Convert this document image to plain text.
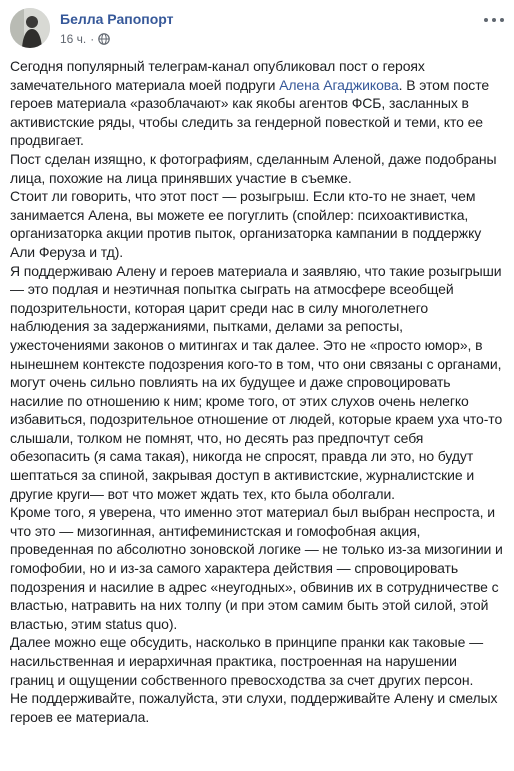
Белла Рапопорт
16 ч. ·

Сегодня популярный телеграм-канал опубликовал пост о героях замечательного материала моей подруги Алена Агаджикова. В этом посте героев материала «разоблачают» как якобы агентов ФСБ, засланных в активистские ряды, чтобы следить за гендерной повесткой и теми, кто ее продвигает.

Пост сделан изящно, к фотографиям, сделанным Аленой, даже подобраны лица, похожие на лица принявших участие в съемке.

Стоит ли говорить, что этот пост — розыгрыш. Если кто-то не знает, чем занимается Алена, вы можете ее погуглить (спойлер: психоактивистка, организаторка акции против пыток, организаторка кампании в поддержку Али Феруза и тд).

Я поддерживаю Алену и героев материала и заявляю, что такие розыгрыши — это подлая и неэтичная попытка сыграть на атмосфере всеобщей подозрительности, которая царит среди нас в силу многолетнего наблюдения за задержаниями, пытками, делами за репосты, ужесточениями законов о митингах и так далее. Это не «просто юмор», в нынешнем контексте подозрения кого-то в том, что они связаны с органами, могут очень сильно повлиять на их будущее и даже спровоцировать насилие по отношению к ним; кроме того, от этих слухов очень нелегко избавиться, подозрительное отношение от людей, которые краем уха что-то слышали, толком не помнят, что, но десять раз предпочтут себя обезопасить (я сама такая), никогда не спросят, правда ли это, но будут шептаться за спиной, закрывая доступ в активистские, журналистские и другие круги— вот что может ждать тех, кто была оболгали.

Кроме того, я уверена, что именно этот материал был выбран неспроста, и что это — мизогинная, антифеминистская и гомофобная акция, проведенная по абсолютно зоновской логике — не только из-за мизогинии и гомофобии, но и из-за самого характера действия — спровоцировать подозрения и насилие в адрес «неугодных», обвинив их в сотрудничестве с властью, натравить на них толпу (и при этом самим быть этой силой, этой властью, этим status quo).

Далее можно еще обсудить, насколько в принципе пранки как таковые — насильственная и иерархичная практика, построенная на нарушении границ и ощущении собственного превосходства за счет других персон.

Не поддерживайте, пожалуйста, эти слухи, поддерживайте Алену и смелых героев ее материала.
